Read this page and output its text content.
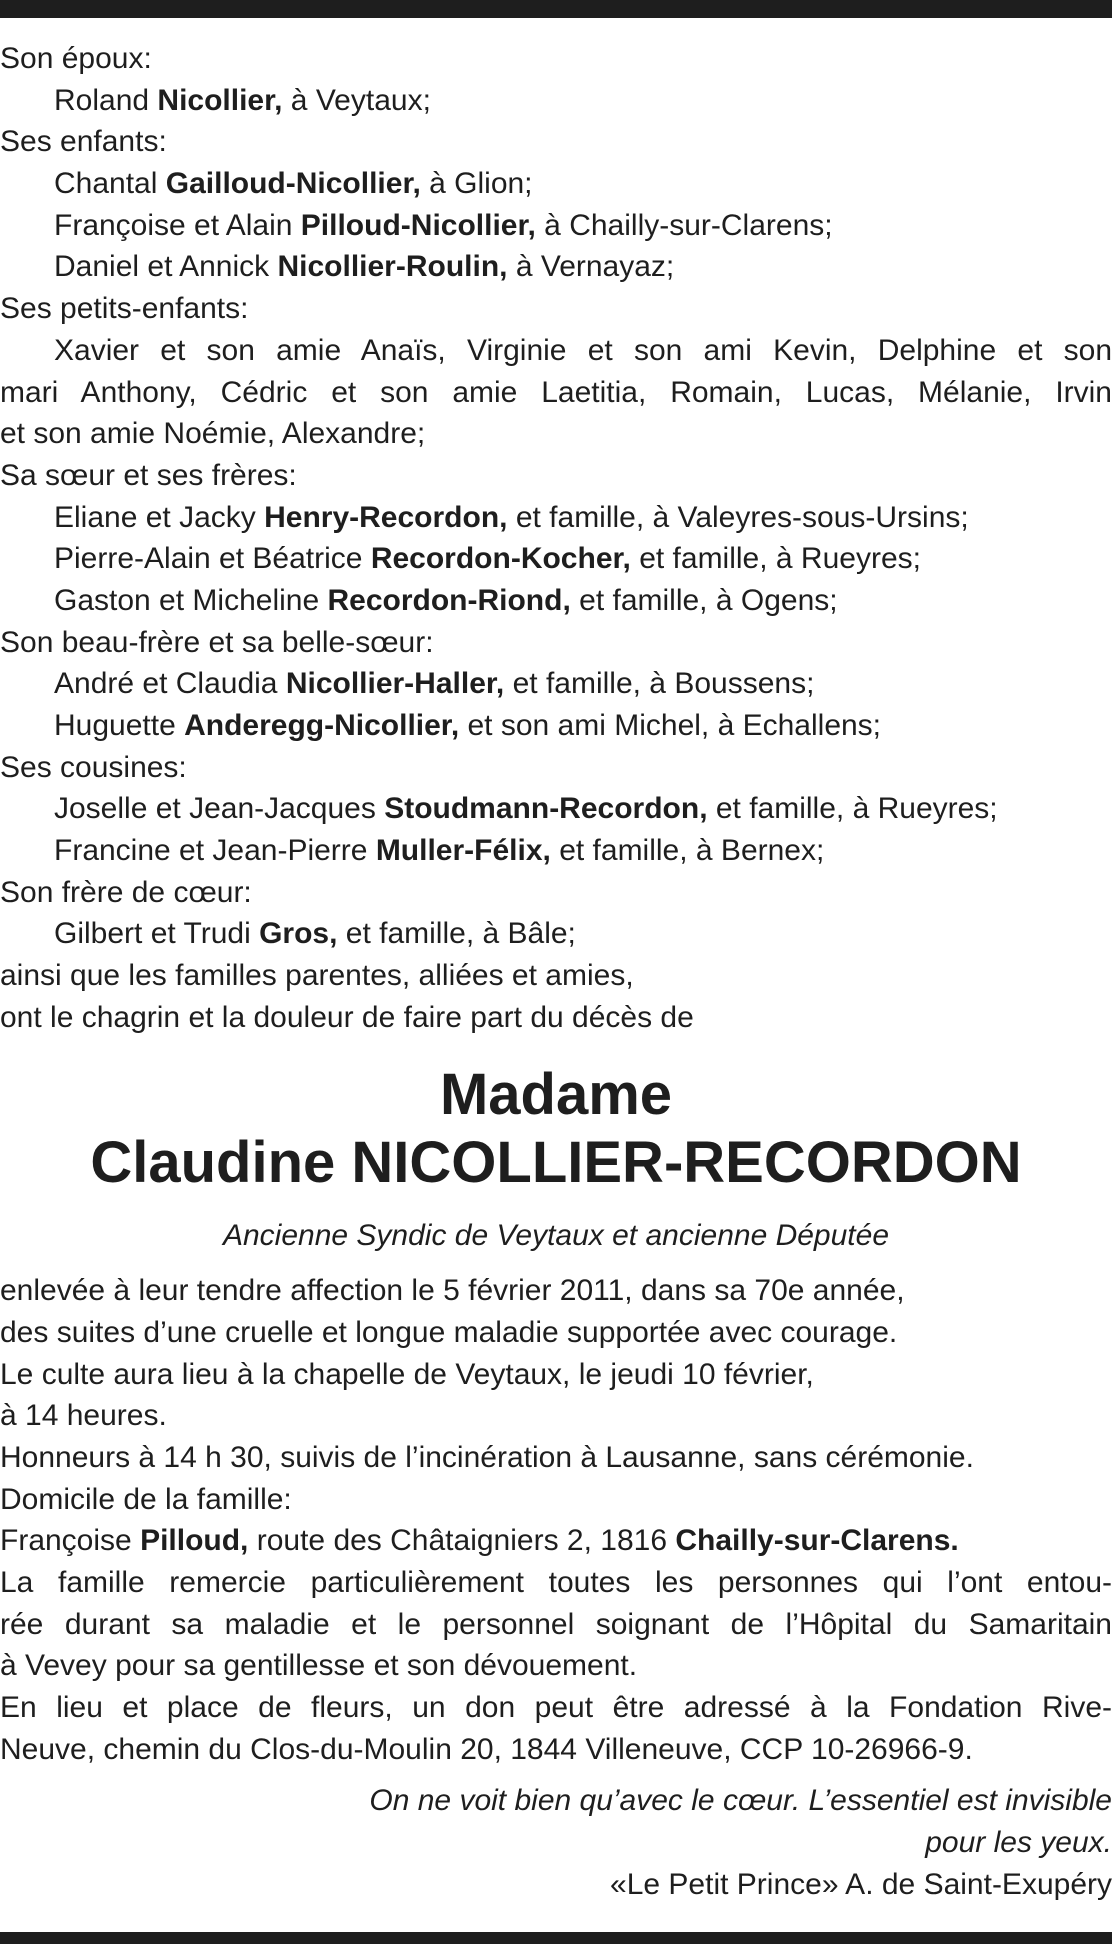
Son époux:
Roland Nicollier, à Veytaux;
Ses enfants:
Chantal Gailloud-Nicollier, à Glion;
Françoise et Alain Pilloud-Nicollier, à Chailly-sur-Clarens;
Daniel et Annick Nicollier-Roulin, à Vernayaz;
Ses petits-enfants:
Xavier et son amie Anaïs, Virginie et son ami Kevin, Delphine et son
mari Anthony, Cédric et son amie Laetitia, Romain, Lucas, Mélanie, Irvin
et son amie Noémie, Alexandre;
Sa sœur et ses frères:
Eliane et Jacky Henry-Recordon, et famille, à Valeyres-sous-Ursins;
Pierre-Alain et Béatrice Recordon-Kocher, et famille, à Rueyres;
Gaston et Micheline Recordon-Riond, et famille, à Ogens;
Son beau-frère et sa belle-sœur:
André et Claudia Nicollier-Haller, et famille, à Boussens;
Huguette Anderegg-Nicollier, et son ami Michel, à Echallens;
Ses cousines:
Joselle et Jean-Jacques Stoudmann-Recordon, et famille, à Rueyres;
Francine et Jean-Pierre Muller-Félix, et famille, à Bernex;
Son frère de cœur:
Gilbert et Trudi Gros, et famille, à Bâle;
ainsi que les familles parentes, alliées et amies,
ont le chagrin et la douleur de faire part du décès de
Madame
Claudine NICOLLIER-RECORDON
Ancienne Syndic de Veytaux et ancienne Députée
enlevée à leur tendre affection le 5 février 2011, dans sa 70e année,
des suites d’une cruelle et longue maladie supportée avec courage.
Le culte aura lieu à la chapelle de Veytaux, le jeudi 10 février,
à 14 heures.
Honneurs à 14 h 30, suivis de l’incinération à Lausanne, sans cérémonie.
Domicile de la famille:
Françoise Pilloud, route des Châtaigniers 2, 1816 Chailly-sur-Clarens.
La famille remercie particulièrement toutes les personnes qui l’ont entou-
rée durant sa maladie et le personnel soignant de l’Hôpital du Samaritain
à Vevey pour sa gentillesse et son dévouement.
En lieu et place de fleurs, un don peut être adressé à la Fondation Rive-
Neuve, chemin du Clos-du-Moulin 20, 1844 Villeneuve, CCP 10-26966-9.
On ne voit bien qu’avec le cœur. L’essentiel est invisible
pour les yeux.
«Le Petit Prince» A. de Saint-Exupéry
